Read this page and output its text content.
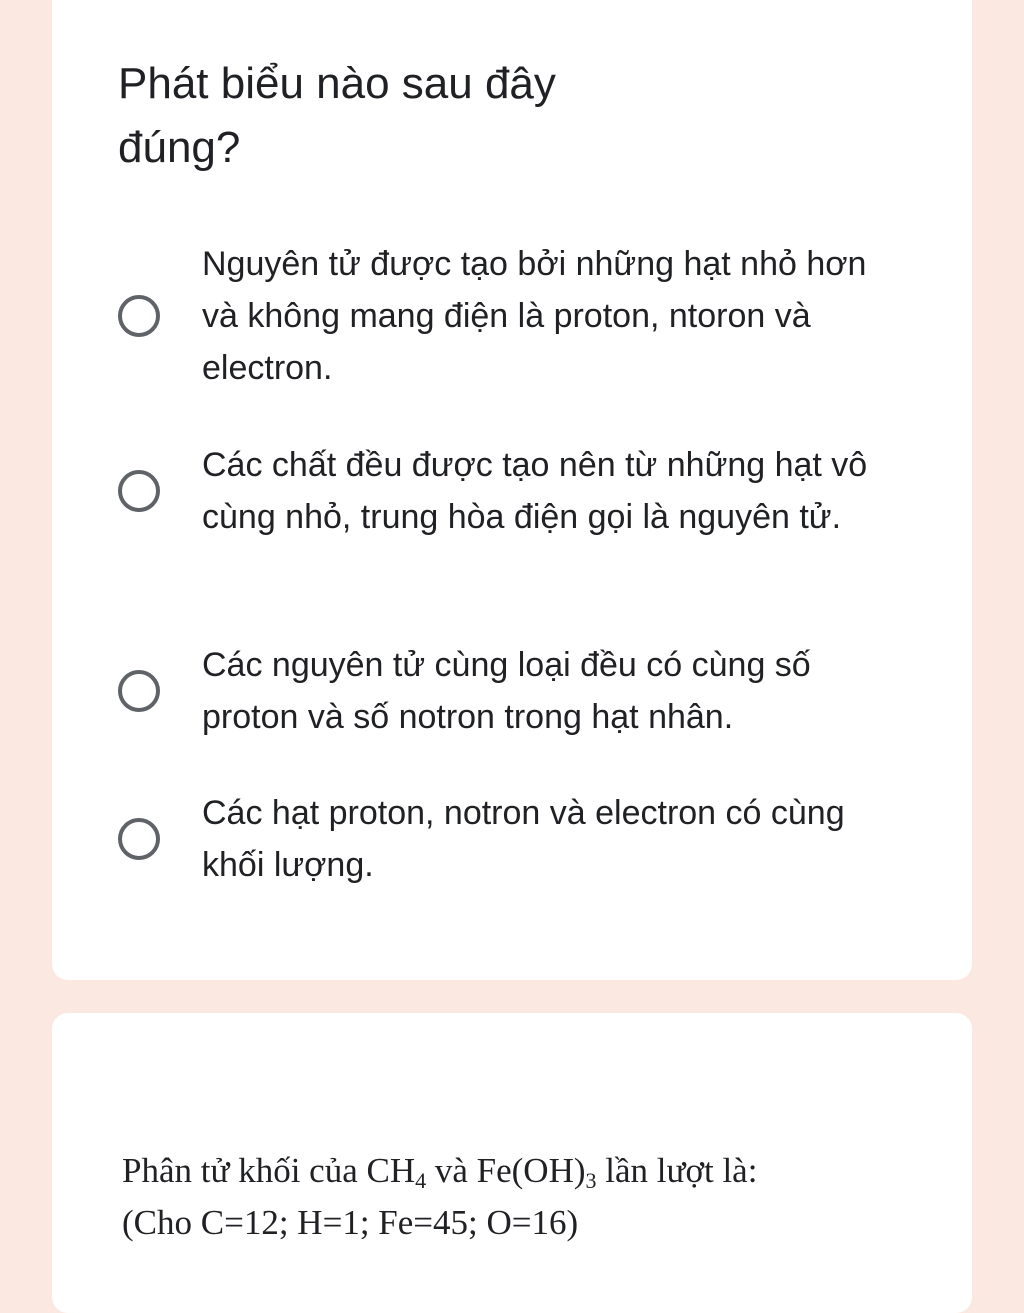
Phát biểu nào sau đây đúng?
Nguyên tử được tạo bởi những hạt nhỏ hơn và không mang điện là proton, ntoron và electron.
Các chất đều được tạo nên từ những hạt vô cùng nhỏ, trung hòa điện gọi là nguyên tử.
Các nguyên tử cùng loại đều có cùng số proton và số notron trong hạt nhân.
Các hạt proton, notron và electron có cùng khối lượng.
Phân tử khối của $CH_4$ và $Fe(OH)_3$ lần lượt là:
(Cho C=12; H=1; Fe=45; O=16)
